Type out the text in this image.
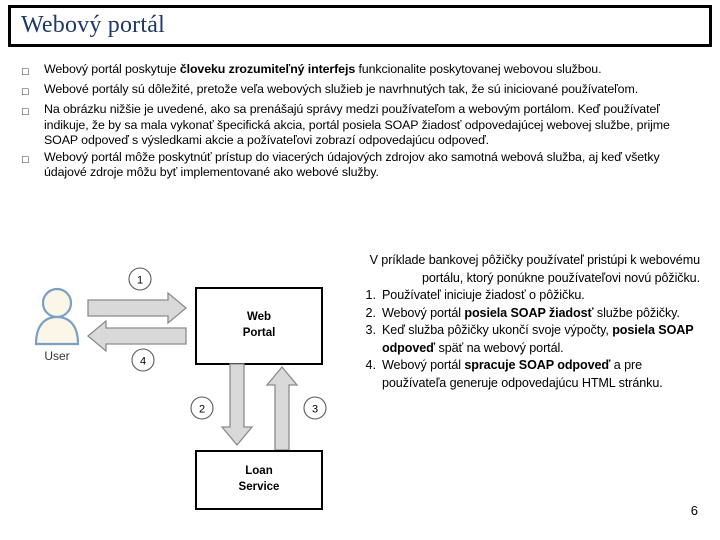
Webový portál
□	Webový portál poskytuje človeku zrozumiteľný interfejs funkcionalite poskytovanej webovou službou.
□	Webové portály sú dôležité, pretože veľa webových služieb je navrhnutých tak, že sú iniciované používateľom.
□	Na obrázku nižšie je uvedené, ako sa prenášajú správy medzi používateľom a webovým portálom. Keď používateľ indikuje, že by sa mala vykonať špecifická akcia, portál posiela SOAP žiadosť odpovedajúcej webovej službe, prijme SOAP odpoveď s výsledkami akcie a požívateľovi zobrazí odpovedajúcu odpoveď.
□	Webový portál môže poskytnúť prístup do viacerých údajových zdrojov ako samotná webová služba, aj keď všetky údajové zdroje môžu byť implementované ako webové služby.
1
4
2	3
User
Web
Portal
Loan
Service
V príklade bankovej pôžičky používateľ pristúpi k webovému portálu, ktorý ponúkne používateľovi novú pôžičku.
1. Používateľ iniciuje žiadosť o pôžičku.
2. Webový portál posiela SOAP žiadosť službe pôžičky.
3. Keď služba pôžičky ukončí svoje výpočty, posiela SOAP odpoveď späť na webový portál.
4. Webový portál spracuje SOAP odpoveď a pre používateľa generuje odpovedajúcu HTML stránku.
6
